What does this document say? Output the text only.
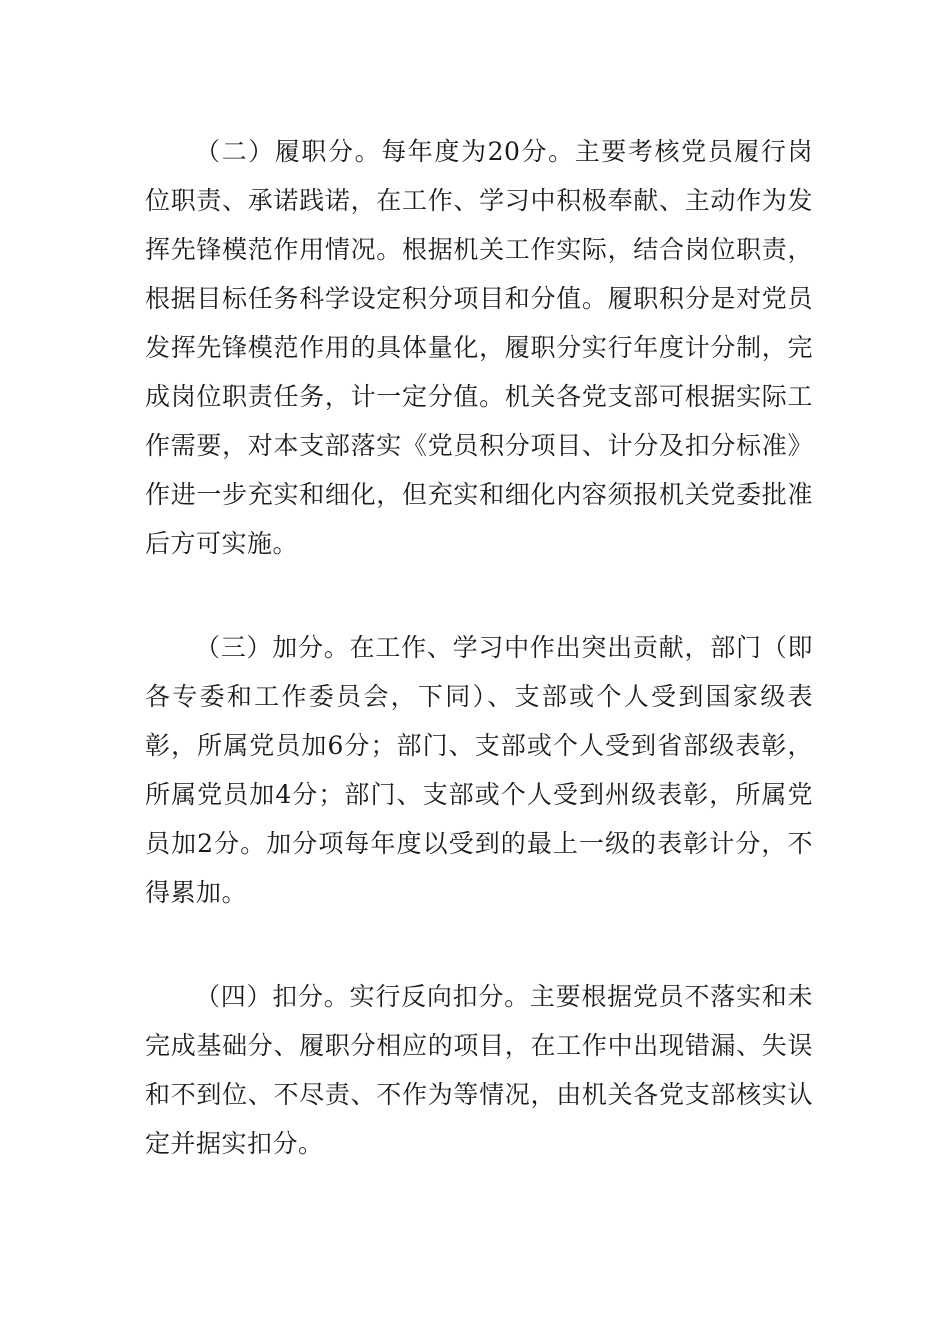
（二）履职分。每年度为20分。主要考核党员履行岗位职责、承诺践诺，在工作、学习中积极奉献、主动作为发挥先锋模范作用情况。根据机关工作实际，结合岗位职责，根据目标任务科学设定积分项目和分值。履职积分是对党员发挥先锋模范作用的具体量化，履职分实行年度计分制，完成岗位职责任务，计一定分值。机关各党支部可根据实际工作需要，对本支部落实《党员积分项目、计分及扣分标准》作进一步充实和细化，但充实和细化内容须报机关党委批准后方可实施。

（三）加分。在工作、学习中作出突出贡献，部门（即各专委和工作委员会，下同）、支部或个人受到国家级表彰，所属党员加6分；部门、支部或个人受到省部级表彰，所属党员加4分；部门、支部或个人受到州级表彰，所属党员加2分。加分项每年度以受到的最上一级的表彰计分，不得累加。

（四）扣分。实行反向扣分。主要根据党员不落实和未完成基础分、履职分相应的项目，在工作中出现错漏、失误和不到位、不尽责、不作为等情况，由机关各党支部核实认定并据实扣分。
